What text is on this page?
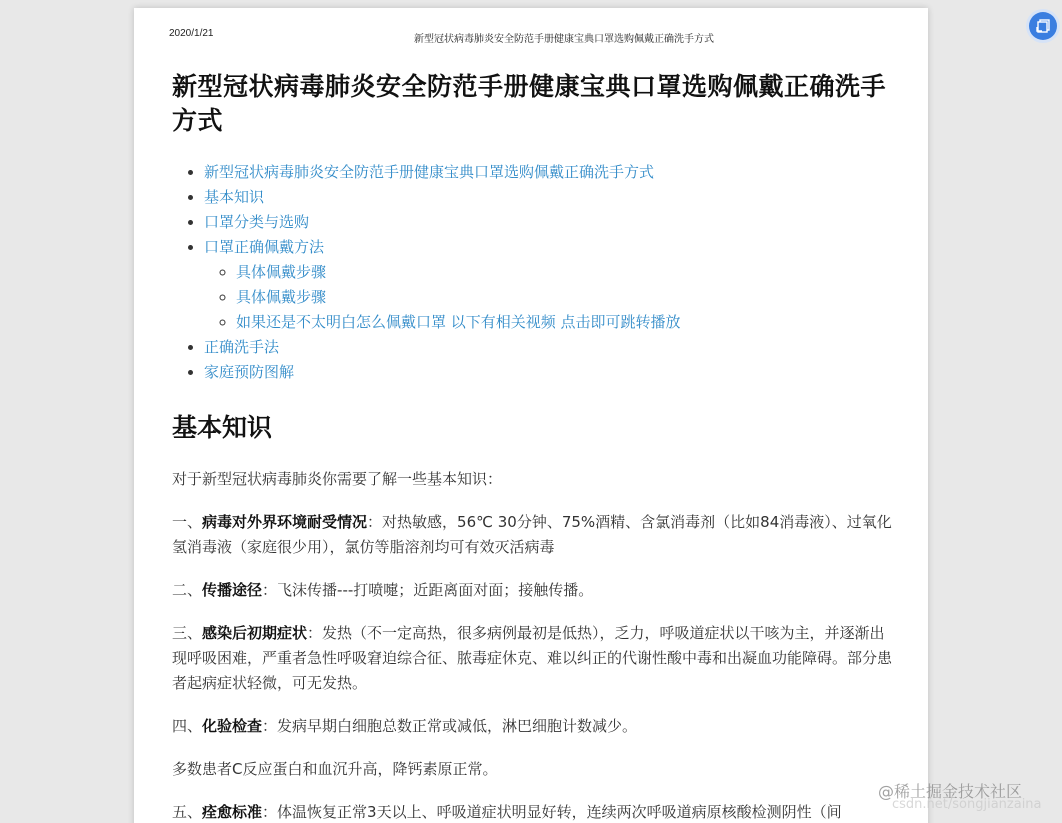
2020/1/21
新型冠状病毒肺炎安全防范手册健康宝典口罩选购佩戴正确洗手方式
新型冠状病毒肺炎安全防范手册健康宝典口罩选购佩戴正确洗手方式
• 新型冠状病毒肺炎安全防范手册健康宝典口罩选购佩戴正确洗手方式
• 基本知识
• 口罩分类与选购
• 口罩正确佩戴方法
◦ 具体佩戴步骤
◦ 具体佩戴步骤
◦ 如果还是不太明白怎么佩戴口罩 以下有相关视频 点击即可跳转播放
• 正确洗手法
• 家庭预防图解
基本知识

对于新型冠状病毒肺炎你需要了解一些基本知识：

一、病毒对外界环境耐受情况：对热敏感，56℃ 30分钟、75%酒精、含氯消毒剂（比如84消毒液）、过氧化氢消毒液（家庭很少用），氯仿等脂溶剂均可有效灭活病毒

二、传播途径：飞沫传播---打喷嚏；近距离面对面；接触传播。

三、感染后初期症状：发热（不一定高热，很多病例最初是低热），乏力，呼吸道症状以干咳为主，并逐渐出现呼吸困难，严重者急性呼吸窘迫综合征、脓毒症休克、难以纠正的代谢性酸中毒和出凝血功能障碍。部分患者起病症状轻微，可无发热。

四、化验检查：发病早期白细胞总数正常或减低，淋巴细胞计数减少。

多数患者C反应蛋白和血沉升高，降钙素原正常。

五、痊愈标准：体温恢复正常3天以上、呼吸道症状明显好转，连续两次呼吸道病原核酸检测阴性（间

@稀土掘金技术社区
csdn.net/songjianzaina
